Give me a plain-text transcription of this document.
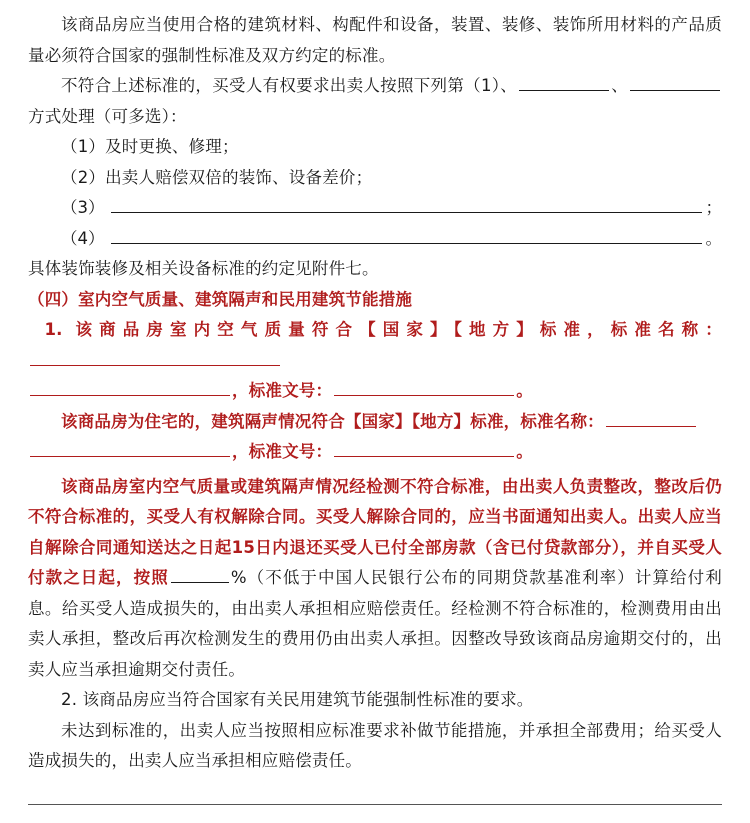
该商品房应当使用合格的建筑材料、构配件和设备，装置、装修、装饰所用材料的产品质量必须符合国家的强制性标准及双方约定的标准。

不符合上述标准的，买受人有权要求出卖人按照下列第（1）、	、方式处理（可多选）：

（1）及时更换、修理；

（2）出卖人赔偿双倍的装饰、设备差价；

（3）	；
（4）	。

具体装饰装修及相关设备标准的约定见附件七。

（四）室内空气质量、建筑隔声和民用建筑节能措施

1. 该商品房室内空气质量符合【国家】【地方】标准，标准名称：

，标准文号：	。

该商品房为住宅的，建筑隔声情况符合【国家】【地方】标准，标准名称：

，标准文号：	。

该商品房室内空气质量或建筑隔声情况经检测不符合标准，由出卖人负责整改，整改后仍不符合标准的，买受人有权解除合同。买受人解除合同的，应当书面通知出卖人。出卖人应当自解除合同通知送达之日起15日内退还买受人已付全部房款（含已付贷款部分），并自买受人付款之日起，按照	%（不低于中国人民银行公布的同期贷款基准利率）计算给付利息。给买受人造成损失的，由出卖人承担相应赔偿责任。经检测不符合标准的，检测费用由出卖人承担，整改后再次检测发生的费用仍由出卖人承担。因整改导致该商品房逾期交付的，出卖人应当承担逾期交付责任。

2. 该商品房应当符合国家有关民用建筑节能强制性标准的要求。

未达到标准的，出卖人应当按照相应标准要求补做节能措施，并承担全部费用；给买受人造成损失的，出卖人应当承担相应赔偿责任。
